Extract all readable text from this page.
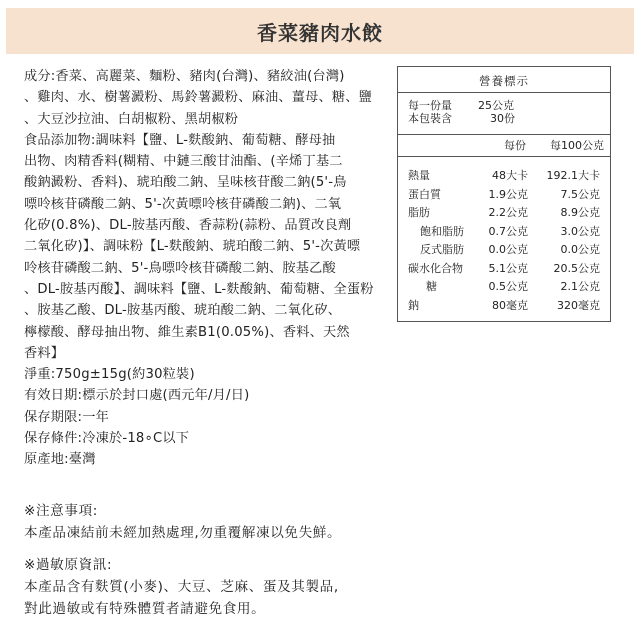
香菜豬肉水餃

成分:香菜、高麗菜、麵粉、豬肉(台灣)、豬絞油(台灣)

、雞肉、水、樹薯澱粉、馬鈴薯澱粉、麻油、薑母、糖、鹽

、大豆沙拉油、白胡椒粉、黑胡椒粉

食品添加物:調味料【鹽、L-麩酸鈉、葡萄糖、酵母抽

出物、肉精香料(糊精、中鏈三酸甘油酯、(辛烯丁基二

酸鈉澱粉、香料)、琥珀酸二鈉、呈味核苷酸二鈉(5'-鳥

嘌呤核苷磷酸二鈉、5'-次黃嘌呤核苷磷酸二鈉)、二氧

化矽(0.8%)、DL-胺基丙酸、香蒜粉(蒜粉、品質改良劑

二氧化矽)】、調味粉【L-麩酸鈉、琥珀酸二鈉、5'-次黃嘌

呤核苷磷酸二鈉、5'-鳥嘌呤核苷磷酸二鈉、胺基乙酸

、DL-胺基丙酸】、調味料【鹽、L-麩酸鈉、葡萄糖、全蛋粉

、胺基乙酸、DL-胺基丙酸、琥珀酸二鈉、二氧化矽、

檸檬酸、酵母抽出物、維生素B1(0.05%)、香料、天然

香料】

淨重:750g±15g(約30粒裝)

有效日期:標示於封口處(西元年/月/日)

保存期限:一年

保存條件:冷凍於-18∘C以下

原產地:臺灣

營養標示
每一份量	25公克
本包裝含	30份
每份	每100公克
熱量	48大卡	192.1大卡
蛋白質	1.9公克	7.5公克
脂肪	2.2公克	8.9公克
飽和脂肪	0.7公克	3.0公克
反式脂肪	0.0公克	0.0公克
碳水化合物	5.1公克	20.5公克
糖	0.5公克	2.1公克
鈉	80毫克	320毫克

※注意事項:

本產品凍結前未經加熱處理,勿重覆解凍以免失鮮。

※過敏原資訊:

本產品含有麩質(小麥)、大豆、芝麻、蛋及其製品,

對此過敏或有特殊體質者請避免食用。
